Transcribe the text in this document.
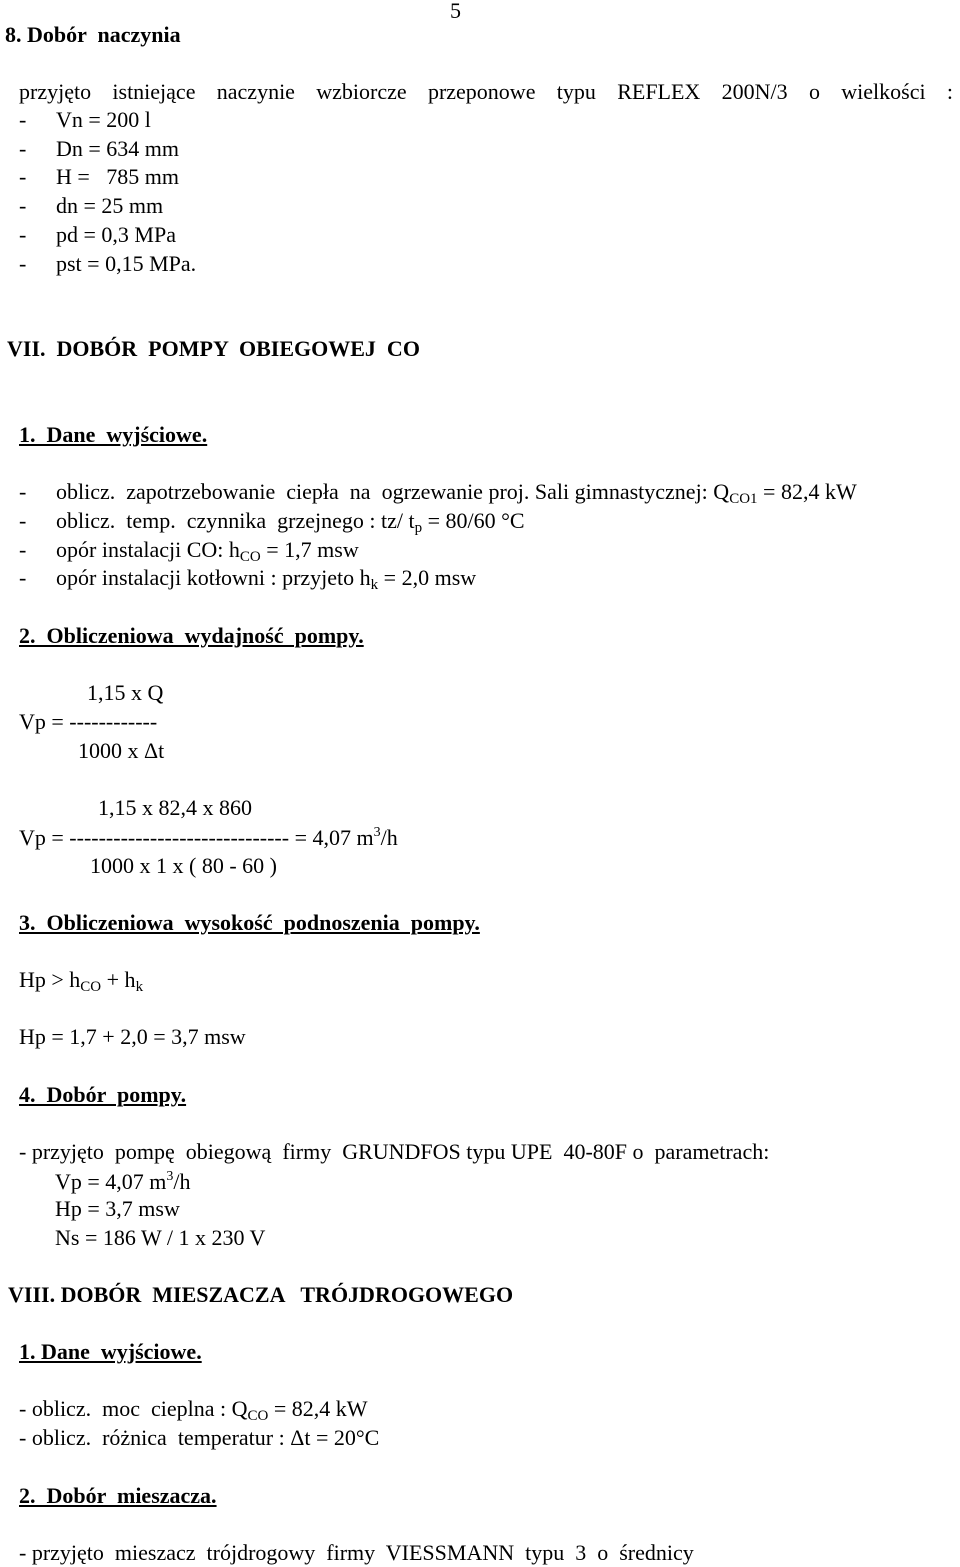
5
8. Dobór  naczynia
przyjęto istniejące naczynie wzbiorcze przeponowe typu REFLEX 200N/3 o wielkości :
- Vn = 200 l
- Dn = 634 mm
- H =   785 mm
- dn = 25 mm
- pd = 0,3 MPa
- pst = 0,15 MPa.
VII.  DOBÓR  POMPY  OBIEGOWEJ  CO
1.  Dane  wyjściowe.
- oblicz.  zapotrzebowanie  ciepła  na  ogrzewanie proj. Sali gimnastycznej: $Q_{CO1} = 82,4$ kW
- oblicz.  temp.  czynnika  grzejnego : tz/ $t_p = 80/60$ °C
- opór instalacji CO: $h_{CO} = 1,7$ msw
- opór instalacji kotłowni : przyjeto $h_k = 2,0$ msw
2.  Obliczeniowa  wydajność  pompy.
1,15 x Q
Vp = ------------
1000 x Δt
1,15 x 82,4 x 860
Vp = ------------------------------ = 4,07 $m^3/h$
1000 x 1 x ( 80 - 60 )
3.  Obliczeniowa  wysokość  podnoszenia  pompy.
$Hp > h_{CO} + h_k$
Hp = 1,7 + 2,0 = 3,7 msw
4.  Dobór  pompy.
- przyjęto  pompę  obiegową  firmy  GRUNDFOS typu UPE  40-80F o  parametrach:
Vp = 4,07 $m^3/h$
Hp = 3,7 msw
Ns = 186 W / 1 x 230 V
VIII. DOBÓR  MIESZACZA   TRÓJDROGOWEGO
1. Dane  wyjściowe.
- oblicz.  moc  cieplna : $Q_{CO} = 82,4$ kW
- oblicz.  różnica  temperatur : Δt = 20°C
2.  Dobór  mieszacza.
- przyjęto  mieszacz  trójdrogowy  firmy  VIESSMANN  typu  3  o  średnicy
